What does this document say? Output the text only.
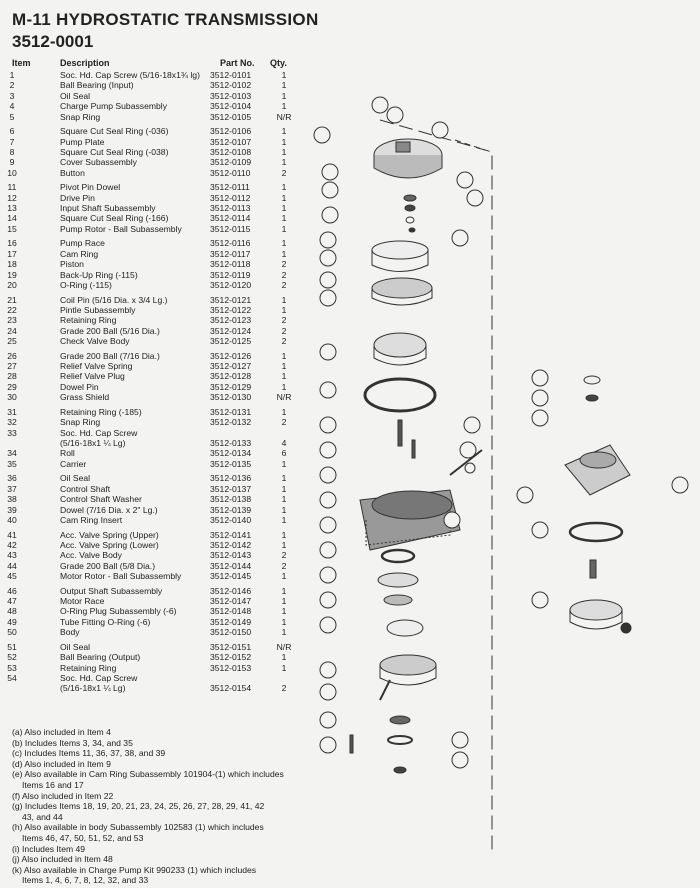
M-11 HYDROSTATIC TRANSMISSION
3512-0001
Item	Description	Part No. Qty.
1	Soc. Hd. Cap Screw (5/16-18x1¾ lg) 3512-0101	1
2	Ball Bearing (Input)	3512-0102	1
3	Oil Seal	3512-0103	1
4	Charge Pump Subassembly	3512-0104	1
5	Snap Ring	3512-0105	N/R
6	Square Cut Seal Ring (-036)	3512-0106	1
7	Pump Plate	3512-0107	1
8	Square Cut Seal Ring (-038)	3512-0108	1
9	Cover Subassembly	3512-0109	1
10	Button	3512-0110	2
11	Pivot Pin Dowel	3512-0111	1
12	Drive Pin	3512-0112	1
13	Input Shaft Subassembly	3512-0113	1
14	Square Cut Seal Ring (-166)	3512-0114	1
15	Pump Rotor - Ball Subassembly	3512-0115	1
16	Pump Race	3512-0116	1
17	Cam Ring	3512-0117	1
18	Piston	3512-0118	2
19	Back-Up Ring (-115)	3512-0119	2
20	O-Ring (-115)	3512-0120	2
21	Coil Pin (5/16 Dia. x 3/4 Lg.)	3512-0121	1
22	Pintle Subassembly	3512-0122	1
23	Retaining Ring	3512-0123	2
24	Grade 200 Ball (5/16 Dia.)	3512-0124	2
25	Check Valve Body	3512-0125	2
26	Grade 200 Ball (7/16 Dia.)	3512-0126	1
27	Relief Valve Spring	3512-0127	1
28	Relief Valve Plug	3512-0128	1
29	Dowel Pin	3512-0129	1
30	Grass Shield	3512-0130	N/R
31	Retaining Ring (-185)	3512-0131	1
32	Snap Ring	3512-0132	2
33	Soc. Hd. Cap Screw
(5/16-18x1 ¼ Lg)	3512-0133	4
34	Roll	3512-0134	6
35	Carrier	3512-0135	1
36	Oil Seal	3512-0136	1
37	Control Shaft	3512-0137	1
38	Control Shaft Washer	3512-0138	1
39	Dowel (7/16 Dia. x 2" Lg.)	3512-0139	1
40	Cam Ring Insert	3512-0140	1
41	Acc. Valve Spring (Upper)	3512-0141	1
42	Acc. Valve Spring (Lower)	3512-0142	1
43	Acc. Valve Body	3512-0143	2
44	Grade 200 Ball (5/8 Dia.)	3512-0144	2
45	Motor Rotor - Ball Subassembly	3512-0145	1
46	Output Shaft Subassembly	3512-0146	1
47	Motor Race	3512-0147	1
48	O-Ring Plug Subassembly (-6)	3512-0148	1
49	Tube Fitting O-Ring (-6)	3512-0149	1
50	Body	3512-0150	1
51	Oil Seal	3512-0151	N/R
52	Ball Bearing (Output)	3512-0152	1
53	Retaining Ring	3512-0153	1
54	Soc. Hd. Cap Screw
(5/16-18x1 ¼ Lg)	3512-0154	2
(a) Also included in Item 4
(b) Includes Items 3, 34, and 35
(c) Includes Items 11, 36, 37, 38, and 39
(d) Also included in Item 9
(e) Also available in Cam Ring Subassembly 101904-(1) which includes
Items 16 and 17
(f) Also included in Item 22
(g) Includes Items 18, 19, 20, 21, 23, 24, 25, 26, 27, 28, 29, 41, 42
43, and 44
(h) Also available in body Subassembly 102583 (1) which includes
Items 46, 47, 50, 51, 52, and 53
(i) Includes Item 49
(j) Also included in Item 48
(k) Also available in Charge Pump Kit 990233 (1) which includes
Items 1, 4, 6, 7, 8, 12, 32, and 33
